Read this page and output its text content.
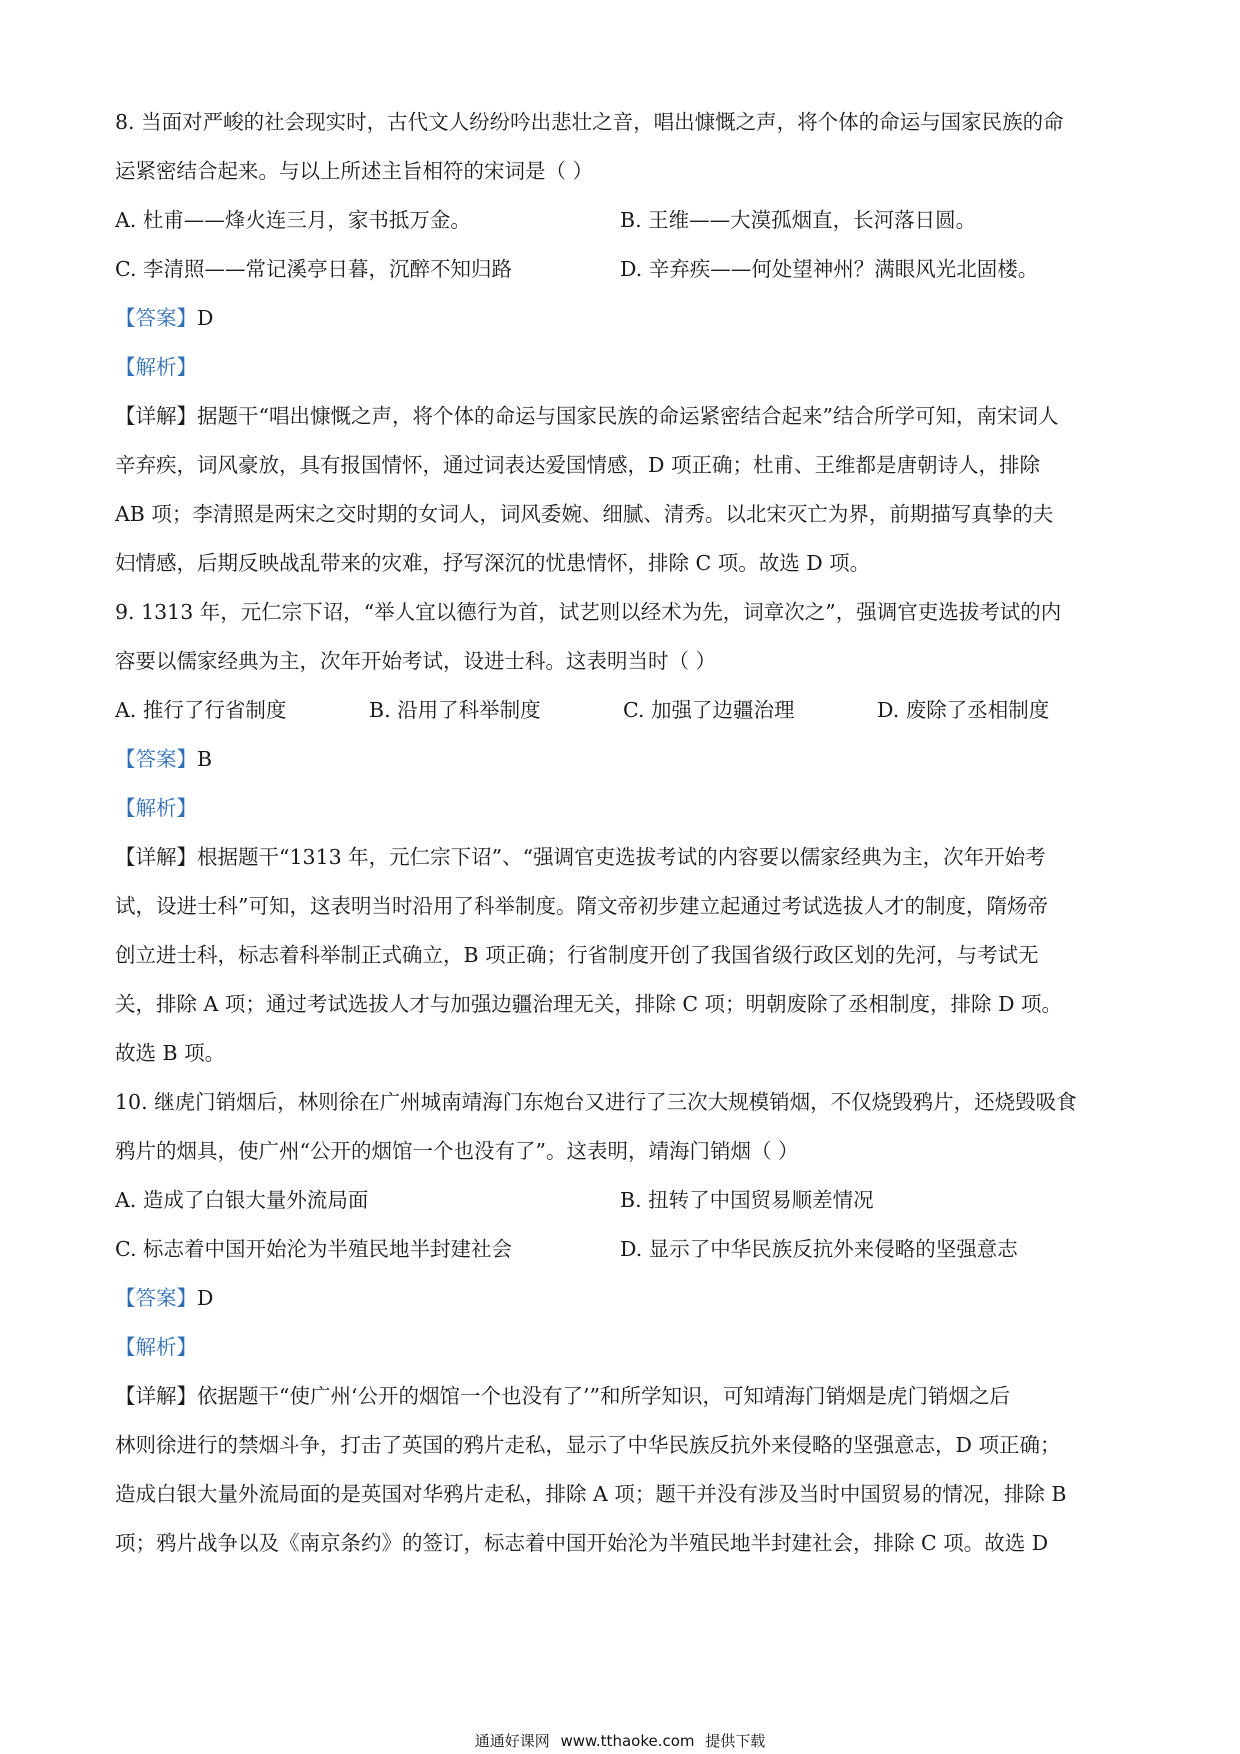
8. 当面对严峻的社会现实时，古代文人纷纷吟出悲壮之音，唱出慷慨之声，将个体的命运与国家民族的命
运紧密结合起来。与以上所述主旨相符的宋词是（ ）
A. 杜甫——烽火连三月，家书抵万金。	B. 王维——大漠孤烟直，长河落日圆。
C. 李清照——常记溪亭日暮，沉醉不知归路	D. 辛弃疾——何处望神州？满眼风光北固楼。
【答案】D
【解析】
【详解】据题干“唱出慷慨之声，将个体的命运与国家民族的命运紧密结合起来”结合所学可知，南宋词人
辛弃疾，词风豪放，具有报国情怀，通过词表达爱国情感，D 项正确；杜甫、王维都是唐朝诗人，排除
AB 项；李清照是两宋之交时期的女词人，词风委婉、细腻、清秀。以北宋灭亡为界，前期描写真挚的夫
妇情感，后期反映战乱带来的灾难，抒写深沉的忧患情怀，排除 C 项。故选 D 项。
9. 1313 年，元仁宗下诏，“举人宜以德行为首，试艺则以经术为先，词章次之”，强调官吏选拔考试的内
容要以儒家经典为主，次年开始考试，设进士科。这表明当时（ ）
A. 推行了行省制度	B. 沿用了科举制度	C. 加强了边疆治理	D. 废除了丞相制度
【答案】B
【解析】
【详解】根据题干“1313 年，元仁宗下诏”、“强调官吏选拔考试的内容要以儒家经典为主，次年开始考
试，设进士科”可知，这表明当时沿用了科举制度。隋文帝初步建立起通过考试选拔人才的制度，隋炀帝
创立进士科，标志着科举制正式确立，B 项正确；行省制度开创了我国省级行政区划的先河，与考试无
关，排除 A 项；通过考试选拔人才与加强边疆治理无关，排除 C 项；明朝废除了丞相制度，排除 D 项。
故选 B 项。
10. 继虎门销烟后，林则徐在广州城南靖海门东炮台又进行了三次大规模销烟，不仅烧毁鸦片，还烧毁吸食
鸦片的烟具，使广州“公开的烟馆一个也没有了”。这表明，靖海门销烟（ ）
A. 造成了白银大量外流局面	B. 扭转了中国贸易顺差情况
C. 标志着中国开始沦为半殖民地半封建社会	D. 显示了中华民族反抗外来侵略的坚强意志
【答案】D
【解析】
【详解】依据题干“使广州‘公开的烟馆一个也没有了’”和所学知识，可知靖海门销烟是虎门销烟之后
林则徐进行的禁烟斗争，打击了英国的鸦片走私，显示了中华民族反抗外来侵略的坚强意志，D 项正确；
造成白银大量外流局面的是英国对华鸦片走私，排除 A 项；题干并没有涉及当时中国贸易的情况，排除 B
项；鸦片战争以及《南京条约》的签订，标志着中国开始沦为半殖民地半封建社会，排除 C 项。故选 D
通通好课网 www.tthaoke.com 提供下载
